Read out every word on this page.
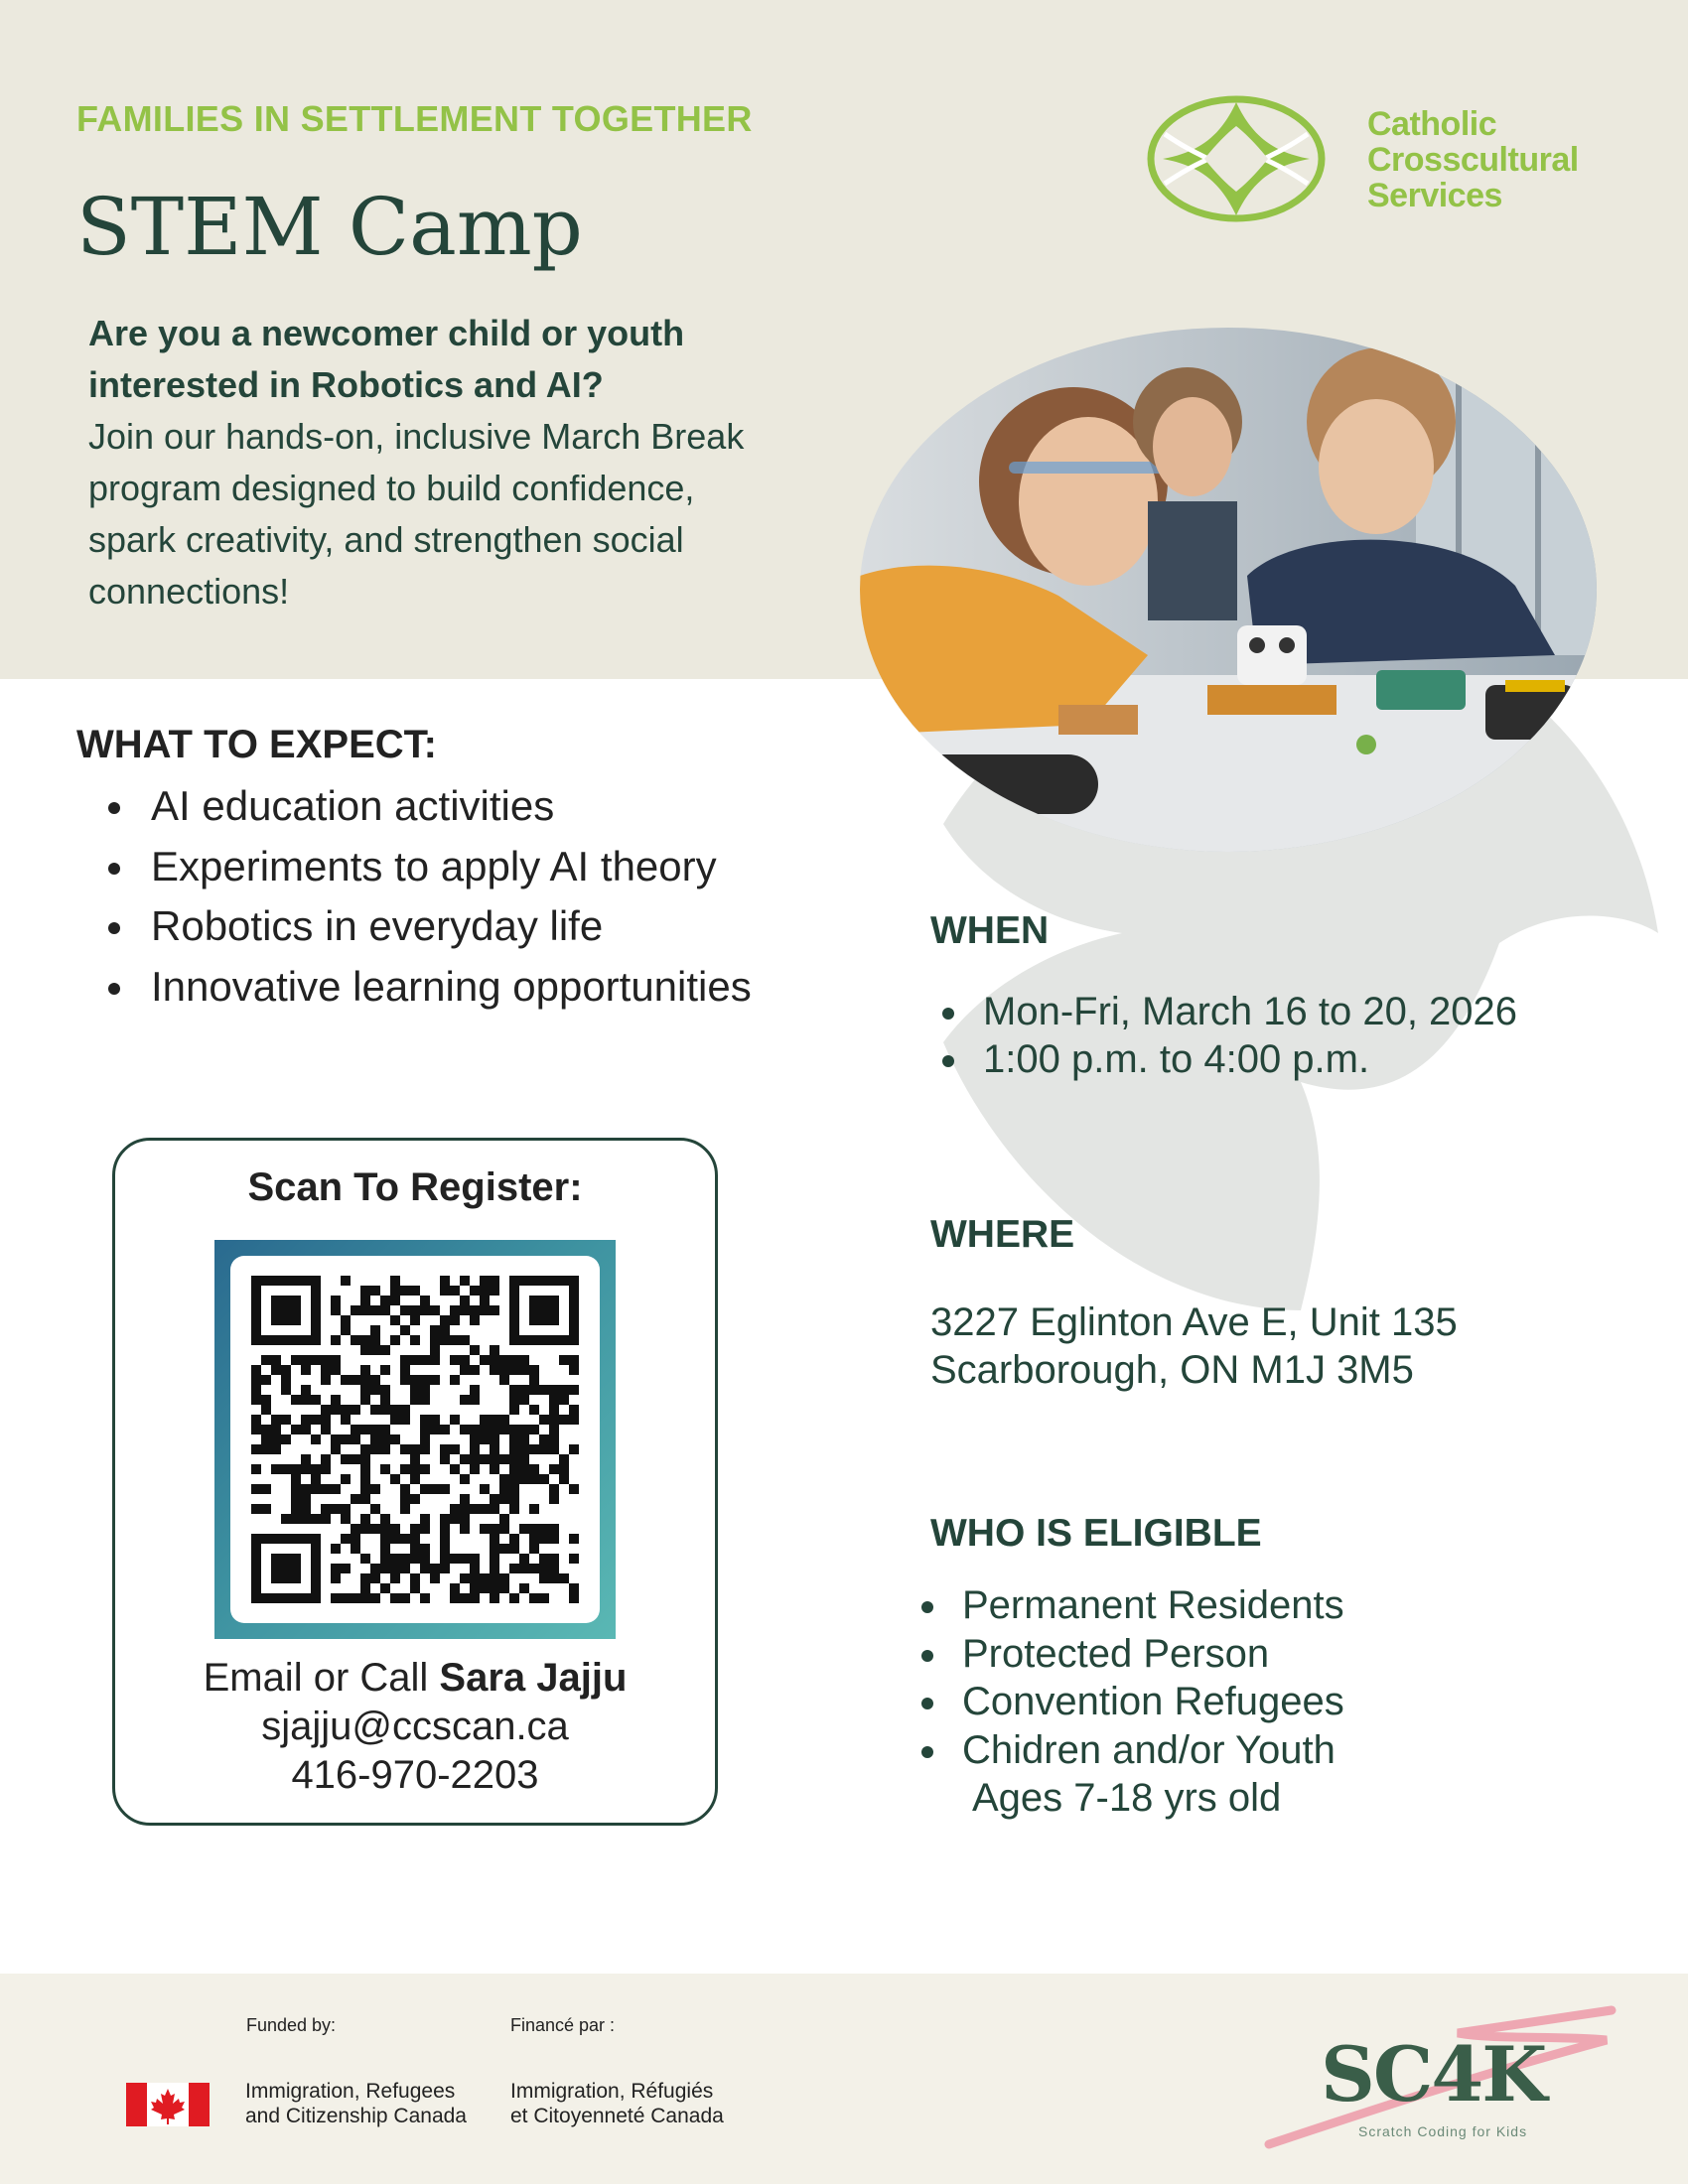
FAMILIES IN SETTLEMENT TOGETHER
STEM Camp
Are you a newcomer child or youth interested in Robotics and AI?
Join our hands-on, inclusive March Break program designed to build confidence, spark creativity, and strengthen social connections!
Catholic
Crosscultural
Services
WHAT TO EXPECT:
AI education activities
Experiments to apply AI theory
Robotics in everyday life
Innovative learning opportunities
Scan To Register:
Email or Call Sara Jajju
sjajju@ccscan.ca
416-970-2203
WHEN
Mon-Fri, March 16 to 20, 2026
1:00 p.m. to 4:00 p.m.
WHERE
3227 Eglinton Ave E, Unit 135
Scarborough, ON M1J 3M5
WHO IS ELIGIBLE
Permanent Residents
Protected Person
Convention Refugees
Chidren and/or Youth
Ages 7-18 yrs old
Funded by:	Financé par :
Immigration, Refugees
and Citizenship Canada
Immigration, Réfugiés
et Citoyenneté Canada	SC4K
Scratch Coding for Kids
